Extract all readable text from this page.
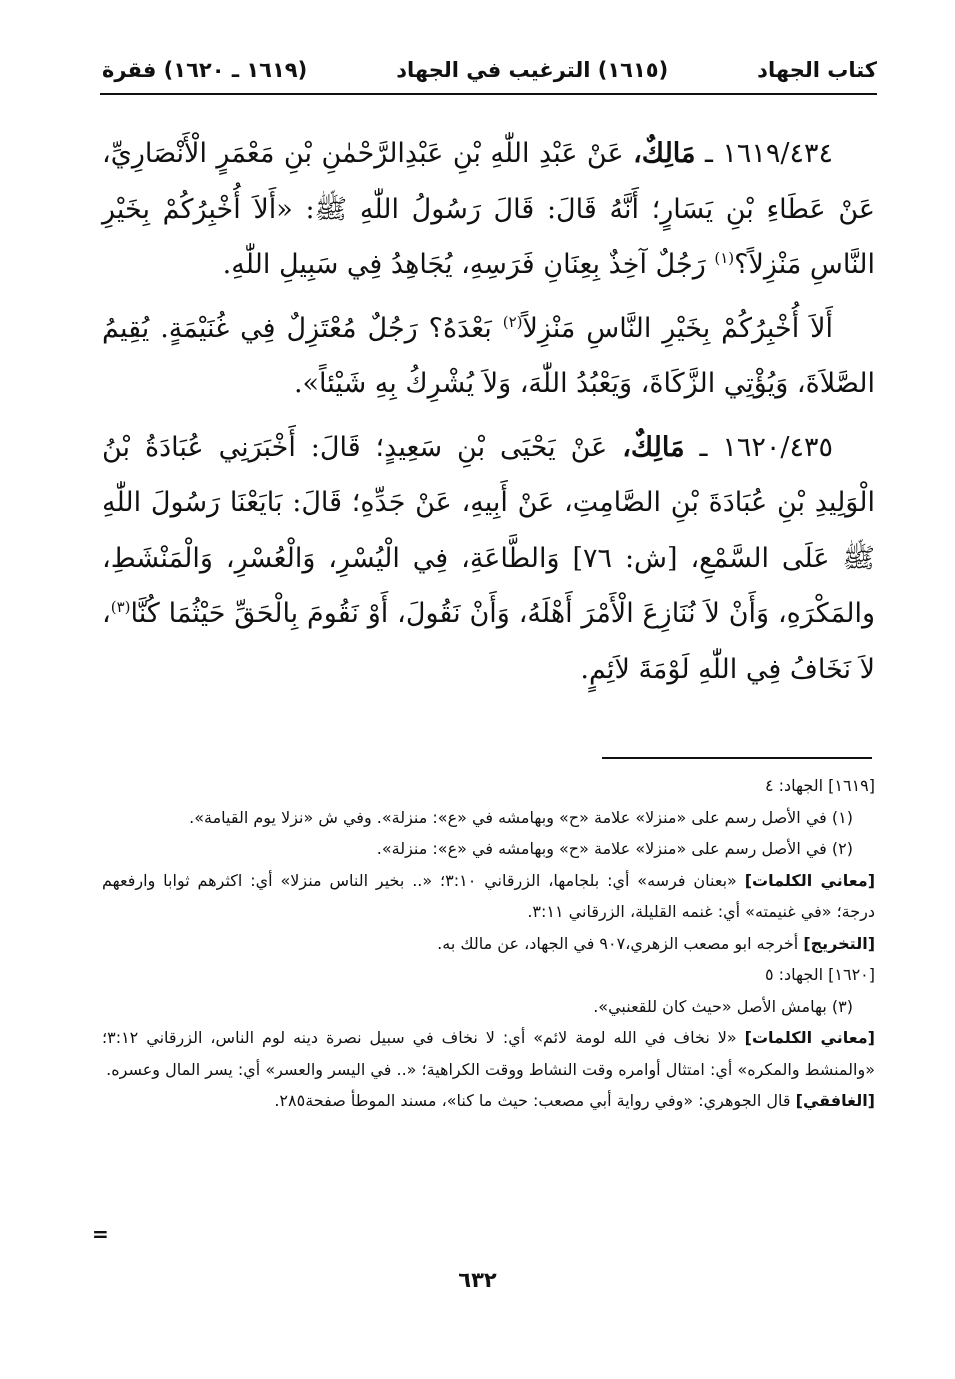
كتاب الجهاد
(١٦١٥) الترغيب في الجهاد
(١٦١٩ ـ ١٦٢٠) فقرة

١٦١٩/٤٣٤ ـ مَالِكٌ، عَنْ عَبْدِ اللّٰهِ بْنِ عَبْدِالرَّحْمٰنِ بْنِ مَعْمَرٍ الْأَنْصَارِيِّ، عَنْ عَطَاءِ بْنِ يَسَارٍ؛ أَنَّهُ قَالَ: قَالَ رَسُولُ اللّٰهِ ﷺ: «أَلاَ أُخْبِرُكُمْ بِخَيْرِ النَّاسِ مَنْزِلاً؟$^{(١)}$ رَجُلٌ آخِذٌ بِعِنَانِ فَرَسِهِ، يُجَاهِدُ فِي سَبِيلِ اللّٰهِ.

أَلاَ أُخْبِرُكُمْ بِخَيْرِ النَّاسِ مَنْزِلاً$^{(٢)}$ بَعْدَهُ؟ رَجُلٌ مُعْتَزِلٌ فِي غُنَيْمَةٍ. يُقِيمُ الصَّلاَةَ، وَيُؤْتِي الزَّكَاةَ، وَيَعْبُدُ اللّٰهَ، وَلاَ يُشْرِكُ بِهِ شَيْئاً».

١٦٢٠/٤٣٥ ـ مَالِكٌ، عَنْ يَحْيَى بْنِ سَعِيدٍ؛ قَالَ: أَخْبَرَنِي عُبَادَةُ بْنُ الْوَلِيدِ بْنِ عُبَادَةَ بْنِ الصَّامِتِ، عَنْ أَبِيهِ، عَنْ جَدِّهِ؛ قَالَ: بَايَعْنَا رَسُولَ اللّٰهِ ﷺ عَلَى السَّمْعِ، [ش: ٧٦] وَالطَّاعَةِ، فِي الْيُسْرِ، وَالْعُسْرِ، وَالْمَنْشَطِ، والمَكْرَهِ، وَأَنْ لاَ نُنَازِعَ الْأَمْرَ أَهْلَهُ، وَأَنْ نَقُولَ، أَوْ نَقُومَ بِالْحَقِّ حَيْثُمَا كُنَّا$^{(٣)}$، لاَ نَخَافُ فِي اللّٰهِ لَوْمَةَ لاَئِمٍ.

[١٦١٩] الجهاد: ٤

(١) في الأصل رسم على «منزلا» علامة «ح» وبهامشه في «ع»: منزلة». وفي ش «نزلا يوم القيامة».

(٢) في الأصل رسم على «منزلا» علامة «ح» وبهامشه في «ع»: منزلة».

[معاني الكلمات] «بعنان فرسه» أي: بلجامها، الزرقاني ٣:١٠؛ «.. بخير الناس منزلا» أي: اكثرهم ثوابا وارفعهم درجة؛ «في غنيمته» أي: غنمه القليلة، الزرقاني ٣:١١.

[التخريج] أخرجه ابو مصعب الزهري،٩٠٧ في الجهاد، عن مالك به.

[١٦٢٠] الجهاد: ٥

(٣) بهامش الأصل «حيث كان للقعنبي».

[معاني الكلمات] «لا نخاف في الله لومة لائم» أي: لا نخاف في سبيل نصرة دينه لوم الناس، الزرقاني ٣:١٢؛ «والمنشط والمكره» أي: امتثال أوامره وقت النشاط ووقت الكراهية؛ «.. في اليسر والعسر» أي: يسر المال وعسره.

[الغافقي] قال الجوهري: «وفي رواية أبي مصعب: حيث ما كنا»، مسند الموطأ صفحة٢٨٥.

=
٦٣٢
